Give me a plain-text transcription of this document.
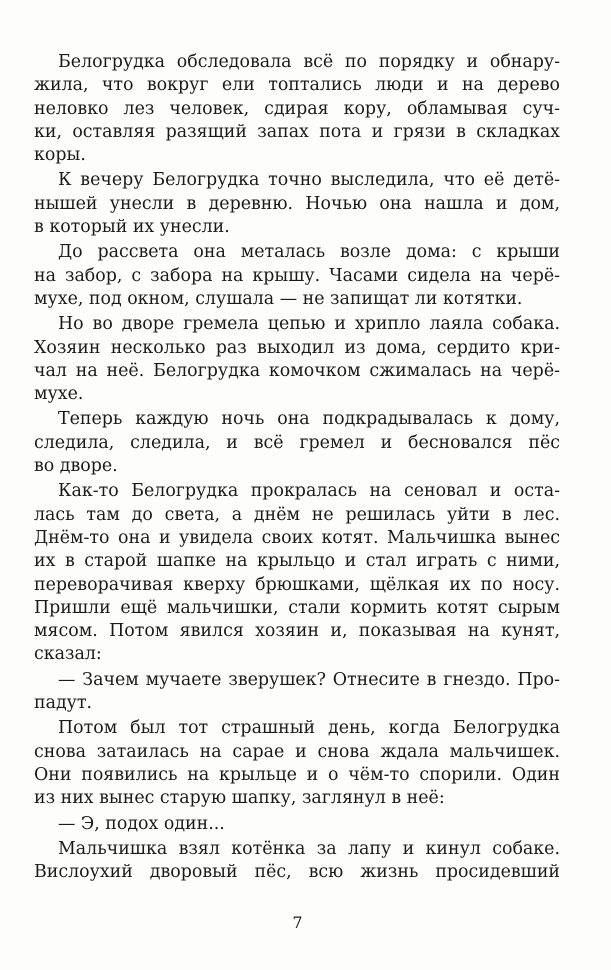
Белогрудка обследовала всё по порядку и обнару-
жила, что вокруг ели топтались люди и на дерево
неловко лез человек, сдирая кору, обламывая суч-
ки, оставляя разящий запах пота и грязи в складках
коры.
К вечеру Белогрудка точно выследила, что её детё-
нышей унесли в деревню. Ночью она нашла и дом,
в который их унесли.
До рассвета она металась возле дома: с крыши
на забор, с забора на крышу. Часами сидела на черё-
мухе, под окном, слушала — не запищат ли котятки.
Но во дворе гремела цепью и хрипло лаяла собака.
Хозяин несколько раз выходил из дома, сердито кри-
чал на неё. Белогрудка комочком сжималась на черё-
мухе.
Теперь каждую ночь она подкрадывалась к дому,
следила, следила, и всё гремел и бесновался пёс
во дворе.
Как-то Белогрудка прокралась на сеновал и оста-
лась там до света, а днём не решилась уйти в лес.
Днём-то она и увидела своих котят. Мальчишка вынес
их в старой шапке на крыльцо и стал играть с ними,
переворачивая кверху брюшками, щёлкая их по носу.
Пришли ещё мальчишки, стали кормить котят сырым
мясом. Потом явился хозяин и, показывая на кунят,
сказал:
— Зачем мучаете зверушек? Отнесите в гнездо. Про-
падут.
Потом был тот страшный день, когда Белогрудка
снова затаилась на сарае и снова ждала мальчишек.
Они появились на крыльце и о чём-то спорили. Один
из них вынес старую шапку, заглянул в неё:
— Э, подох один...
Мальчишка взял котёнка за лапу и кинул собаке.
Вислоухий дворовый пёс, всю жизнь просидевший
7
